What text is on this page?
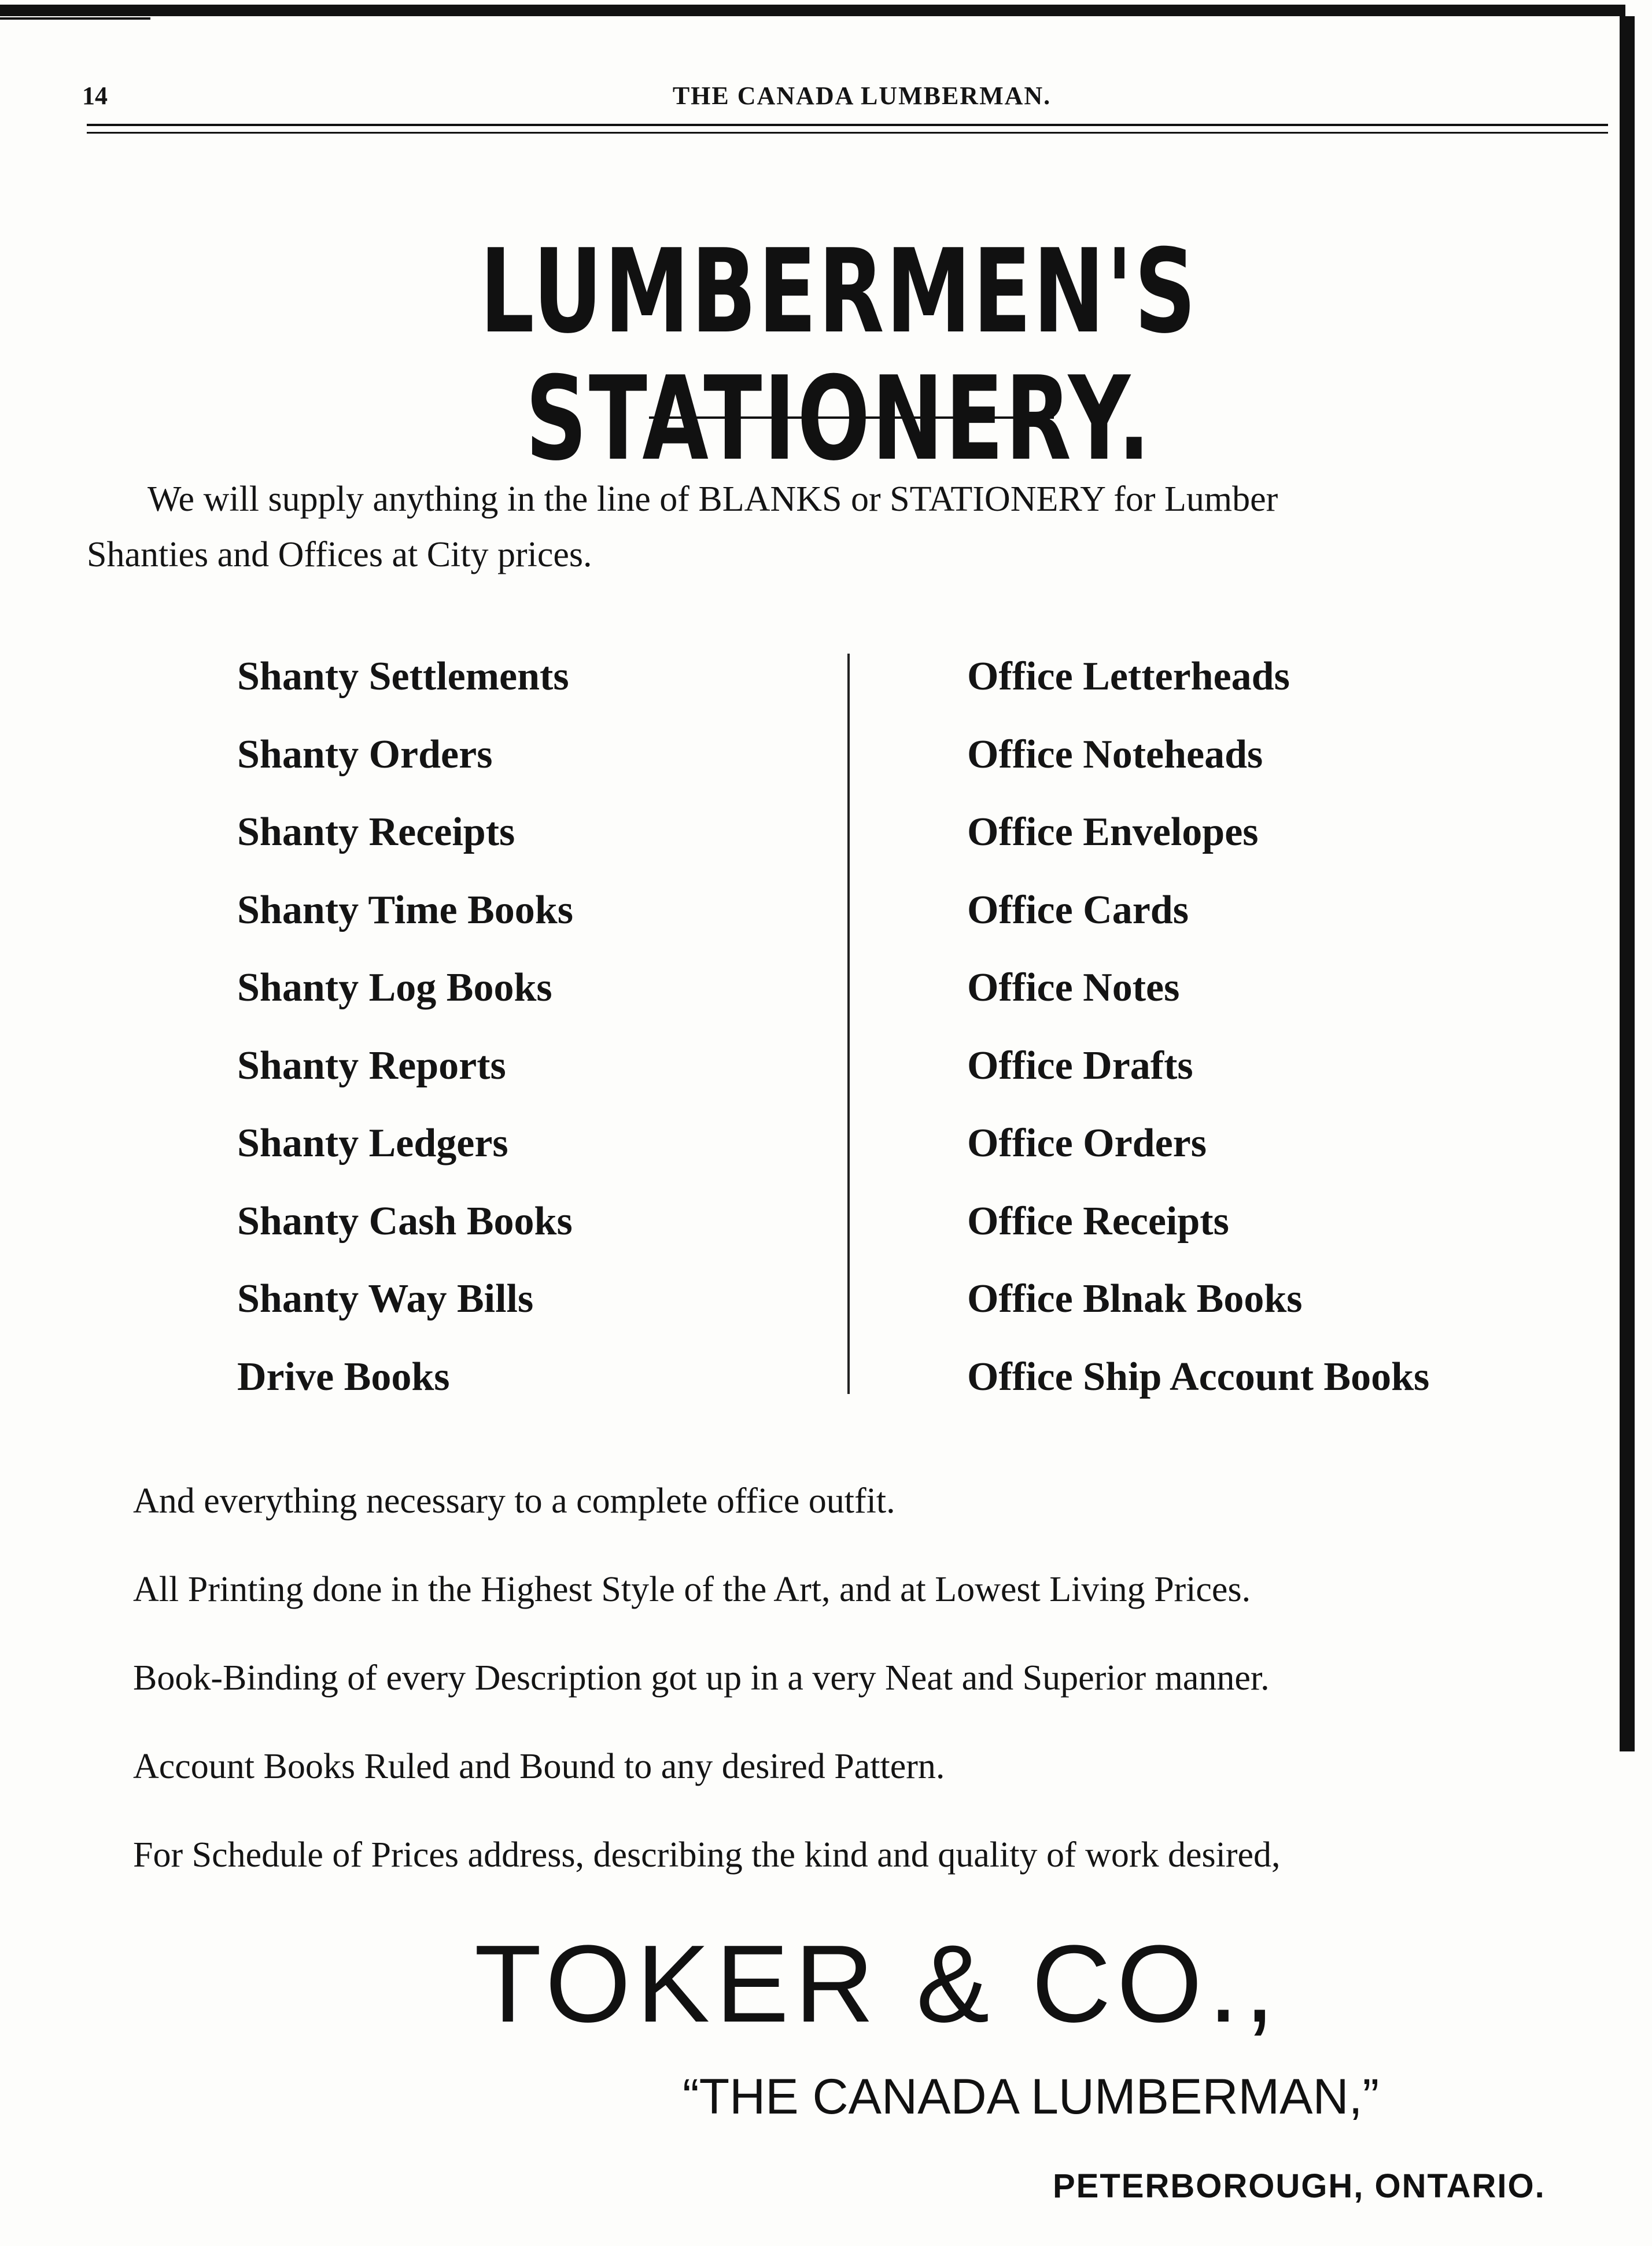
14	THE CANADA LUMBERMAN.
LUMBERMEN'S STATIONERY.
We will supply anything in the line of BLANKS or STATIONERY for Lumber
Shanties and Offices at City prices.
Shanty Settlements
Shanty Orders
Shanty Receipts
Shanty Time Books
Shanty Log Books
Shanty Reports
Shanty Ledgers
Shanty Cash Books
Shanty Way Bills
Drive Books
Office Letterheads
Office Noteheads
Office Envelopes
Office Cards
Office Notes
Office Drafts
Office Orders
Office Receipts
Office Blnak Books
Office Ship Account Books
And everything necessary to a complete office outfit.
All Printing done in the Highest Style of the Art, and at Lowest Living Prices.
Book-Binding of every Description got up in a very Neat and Superior manner.
Account Books Ruled and Bound to any desired Pattern.
For Schedule of Prices address, describing the kind and quality of work desired,
TOKER & CO.,
“THE CANADA LUMBERMAN,”
PETERBOROUGH, ONTARIO.
